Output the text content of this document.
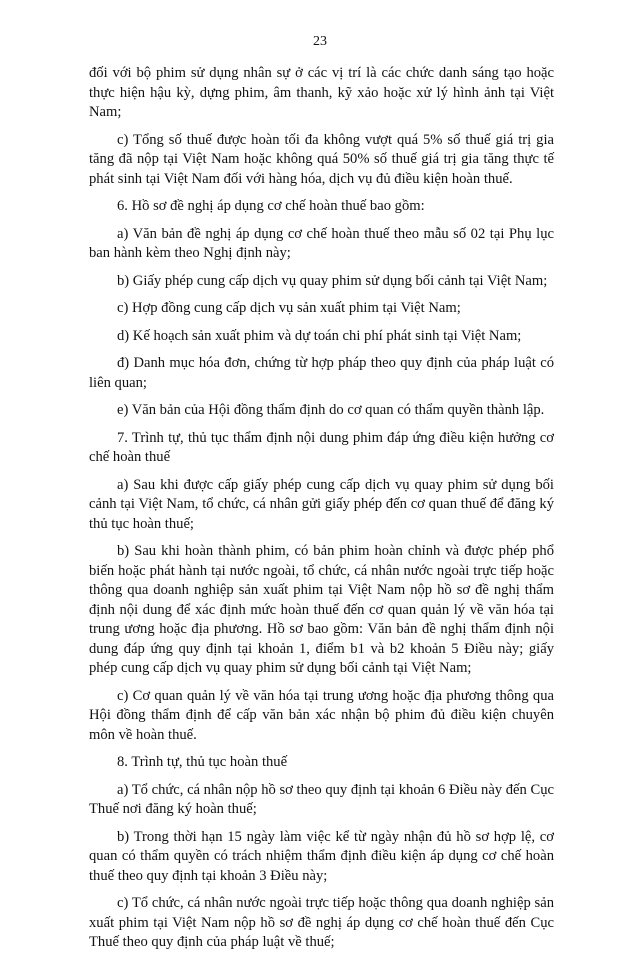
23

đối với bộ phim sử dụng nhân sự ở các vị trí là các chức danh sáng tạo hoặc thực hiện hậu kỳ, dựng phim, âm thanh, kỹ xảo hoặc xử lý hình ảnh tại Việt Nam;

c) Tổng số thuế được hoàn tối đa không vượt quá 5% số thuế giá trị gia tăng đã nộp tại Việt Nam hoặc không quá 50% số thuế giá trị gia tăng thực tế phát sinh tại Việt Nam đối với hàng hóa, dịch vụ đủ điều kiện hoàn thuế.

6. Hồ sơ đề nghị áp dụng cơ chế hoàn thuế bao gồm:

a) Văn bản đề nghị áp dụng cơ chế hoàn thuế theo mẫu số 02 tại Phụ lục ban hành kèm theo Nghị định này;

b) Giấy phép cung cấp dịch vụ quay phim sử dụng bối cảnh tại Việt Nam;

c) Hợp đồng cung cấp dịch vụ sản xuất phim tại Việt Nam;

d) Kế hoạch sản xuất phim và dự toán chi phí phát sinh tại Việt Nam;

đ) Danh mục hóa đơn, chứng từ hợp pháp theo quy định của pháp luật có liên quan;

e) Văn bản của Hội đồng thẩm định do cơ quan có thẩm quyền thành lập.

7. Trình tự, thủ tục thẩm định nội dung phim đáp ứng điều kiện hưởng cơ chế hoàn thuế

a) Sau khi được cấp giấy phép cung cấp dịch vụ quay phim sử dụng bối cảnh tại Việt Nam, tổ chức, cá nhân gửi giấy phép đến cơ quan thuế để đăng ký thủ tục hoàn thuế;

b) Sau khi hoàn thành phim, có bản phim hoàn chỉnh và được phép phổ biến hoặc phát hành tại nước ngoài, tổ chức, cá nhân nước ngoài trực tiếp hoặc thông qua doanh nghiệp sản xuất phim tại Việt Nam nộp hồ sơ đề nghị thẩm định nội dung để xác định mức hoàn thuế đến cơ quan quản lý về văn hóa tại trung ương hoặc địa phương. Hồ sơ bao gồm: Văn bản đề nghị thẩm định nội dung đáp ứng quy định tại khoản 1, điểm b1 và b2 khoản 5 Điều này; giấy phép cung cấp dịch vụ quay phim sử dụng bối cảnh tại Việt Nam;

c) Cơ quan quản lý về văn hóa tại trung ương hoặc địa phương thông qua Hội đồng thẩm định để cấp văn bản xác nhận bộ phim đủ điều kiện chuyên môn về hoàn thuế.

8. Trình tự, thủ tục hoàn thuế

a) Tổ chức, cá nhân nộp hồ sơ theo quy định tại khoản 6 Điều này đến Cục Thuế nơi đăng ký hoàn thuế;

b) Trong thời hạn 15 ngày làm việc kể từ ngày nhận đủ hồ sơ hợp lệ, cơ quan có thẩm quyền có trách nhiệm thẩm định điều kiện áp dụng cơ chế hoàn thuế theo quy định tại khoản 3 Điều này;

c) Tổ chức, cá nhân nước ngoài trực tiếp hoặc thông qua doanh nghiệp sản xuất phim tại Việt Nam nộp hồ sơ đề nghị áp dụng cơ chế hoàn thuế đến Cục Thuế theo quy định của pháp luật về thuế;
